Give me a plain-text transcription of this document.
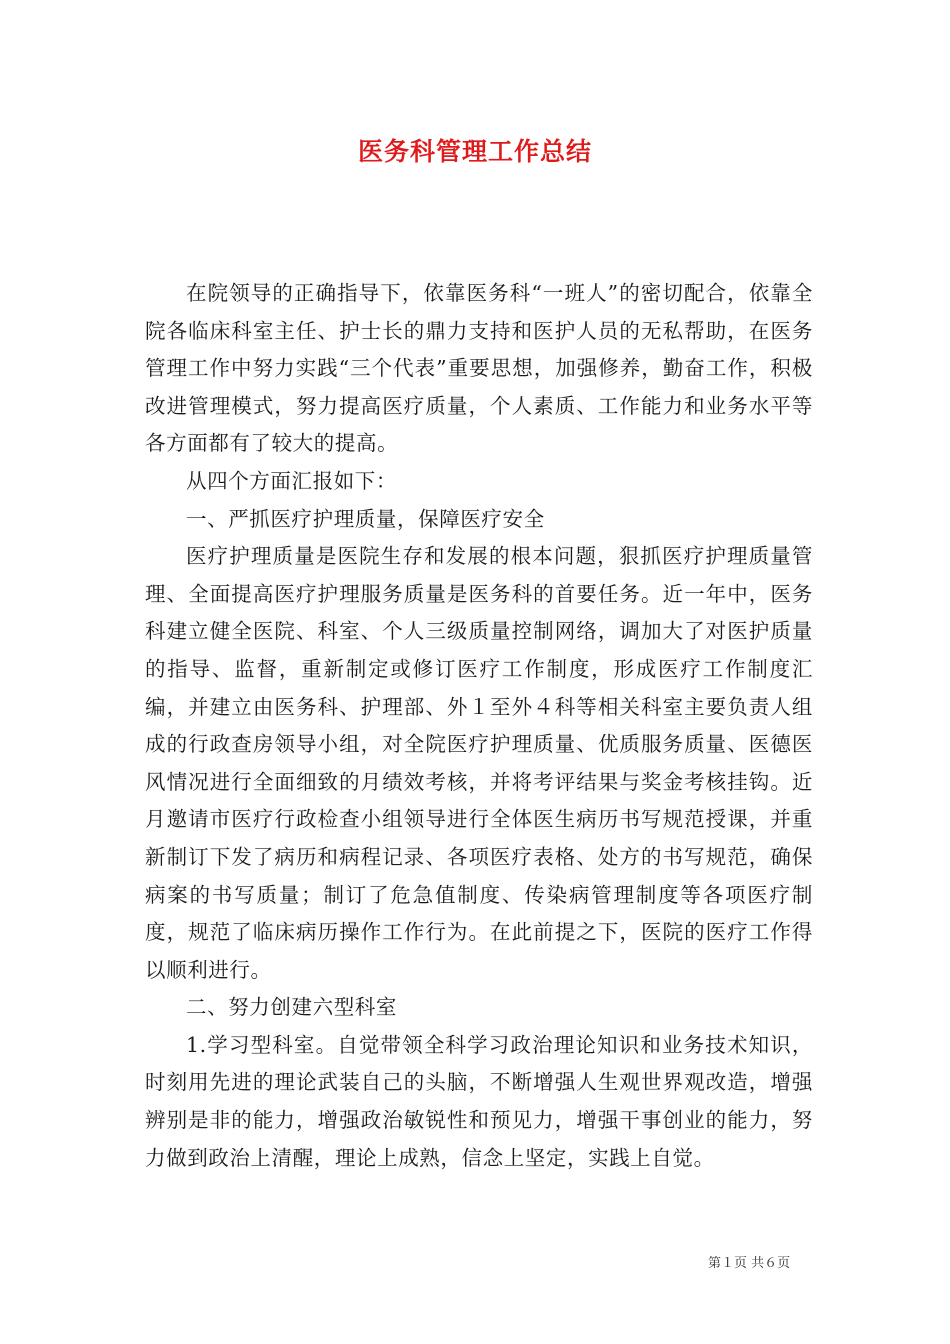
医务科管理工作总结

在院领导的正确指导下，依靠医务科“一班人”的密切配合，依靠全院各临床科室主任、护士长的鼎力支持和医护人员的无私帮助，在医务管理工作中努力实践“三个代表”重要思想，加强修养，勤奋工作，积极改进管理模式，努力提高医疗质量，个人素质、工作能力和业务水平等各方面都有了较大的提高。

从四个方面汇报如下：

一、严抓医疗护理质量，保障医疗安全

医疗护理质量是医院生存和发展的根本问题，狠抓医疗护理质量管理、全面提高医疗护理服务质量是医务科的首要任务。近一年中，医务科建立健全医院、科室、个人三级质量控制网络，调加大了对医护质量的指导、监督，重新制定或修订医疗工作制度，形成医疗工作制度汇编，并建立由医务科、护理部、外１至外４科等相关科室主要负责人组成的行政查房领导小组，对全院医疗护理质量、优质服务质量、医德医风情况进行全面细致的月绩效考核，并将考评结果与奖金考核挂钩。近月邀请市医疗行政检查小组领导进行全体医生病历书写规范授课，并重新制订下发了病历和病程记录、各项医疗表格、处方的书写规范，确保病案的书写质量；制订了危急值制度、传染病管理制度等各项医疗制度，规范了临床病历操作工作行为。在此前提之下，医院的医疗工作得以顺利进行。

二、努力创建六型科室

1.学习型科室。自觉带领全科学习政治理论知识和业务技术知识，时刻用先进的理论武装自己的头脑，不断增强人生观世界观改造，增强辨别是非的能力，增强政治敏锐性和预见力，增强干事创业的能力，努力做到政治上清醒，理论上成熟，信念上坚定，实践上自觉。

第１页 共６页
